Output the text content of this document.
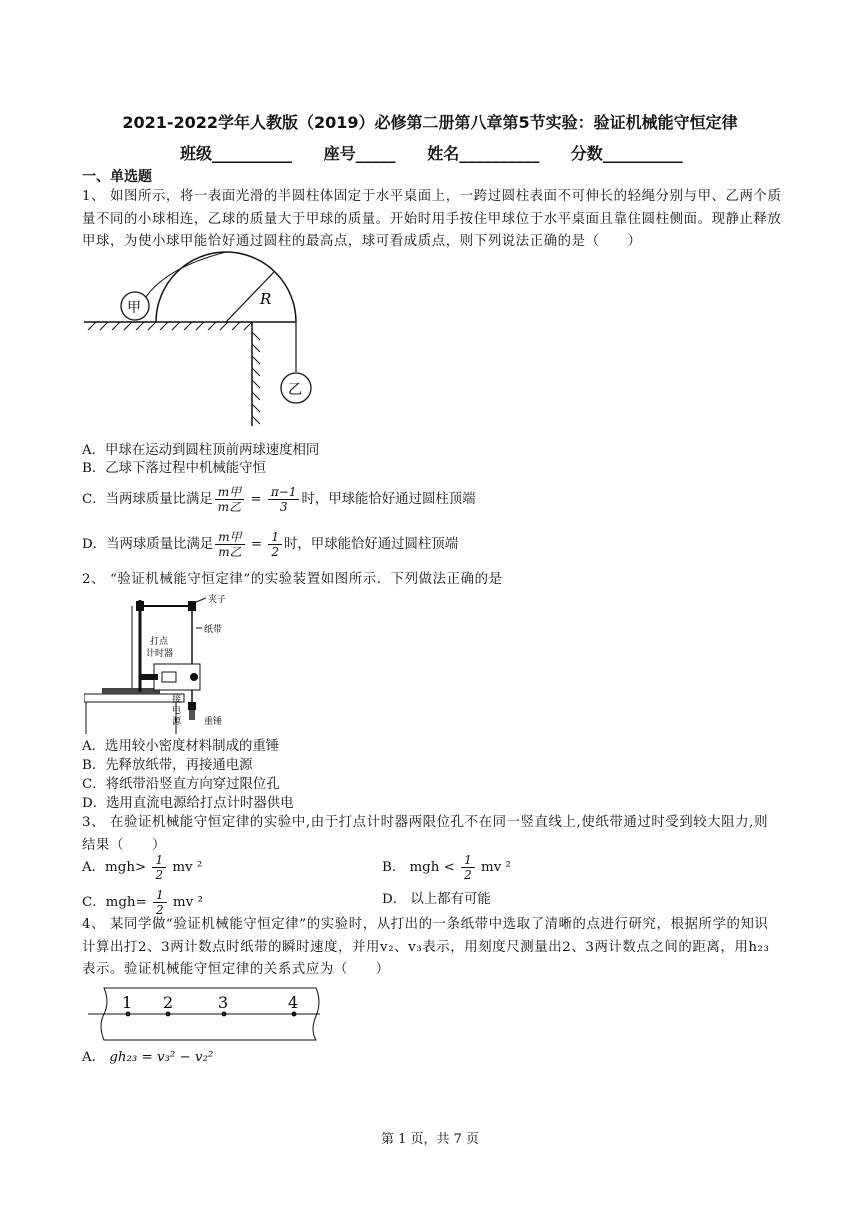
2021-2022学年人教版（2019）必修第二册第八章第5节实验：验证机械能守恒定律
班级__________ 座号_____ 姓名__________ 分数__________
一、单选题
1、 如图所示，将一表面光滑的半圆柱体固定于水平桌面上，一跨过圆柱表面不可伸长的轻绳分别与甲、乙两个质量不同的小球相连，乙球的质量大于甲球的质量。开始时用手按住甲球位于水平桌面且靠住圆柱侧面。现静止释放甲球，为使小球甲能恰好通过圆柱的最高点，球可看成质点，则下列说法正确的是（　　）
R
甲
乙
A．甲球在运动到圆柱顶前两球速度相同
B．乙球下落过程中机械能守恒
C．当两球质量比满足 $\frac{\text{m甲}}{\text{m乙}} = \frac{\pi-1}{3}$ 时，甲球能恰好通过圆柱顶端
D．当两球质量比满足 $\frac{\text{m甲}}{\text{m乙}} = \frac{1}{2}$ 时，甲球能恰好通过圆柱顶端
2、 “验证机械能守恒定律”的实验装置如图所示．下列做法正确的是
夹子
纸带
打点
计时器
接
电
源	重锤
A．选用较小密度材料制成的重锤
B．先释放纸带，再接通电源
C．将纸带沿竖直方向穿过限位孔
D．选用直流电源给打点计时器供电
3、 在验证机械能守恒定律的实验中,由于打点计时器两限位孔不在同一竖直线上,使纸带通过时受到较大阻力,则结果（　　）
A．$mgh> \frac{1}{2}$ mv ²	B． mgh < $\frac{1}{2}$ mv ²
C．$mgh= \frac{1}{2}$ mv ²	D． 以上都有可能
4、 某同学做“验证机械能守恒定律”的实验时，从打出的一条纸带中选取了清晰的点进行研究，根据所学的知识计算出打2、3两计数点时纸带的瞬时速度，并用v₂、v₃表示，用刻度尺测量出2、3两计数点之间的距离，用h₂₃表示。验证机械能守恒定律的关系式应为（　　）
1 2	3	4
A． gh₂₃ = v₃² − v₂²
第 1 页，共 7 页
